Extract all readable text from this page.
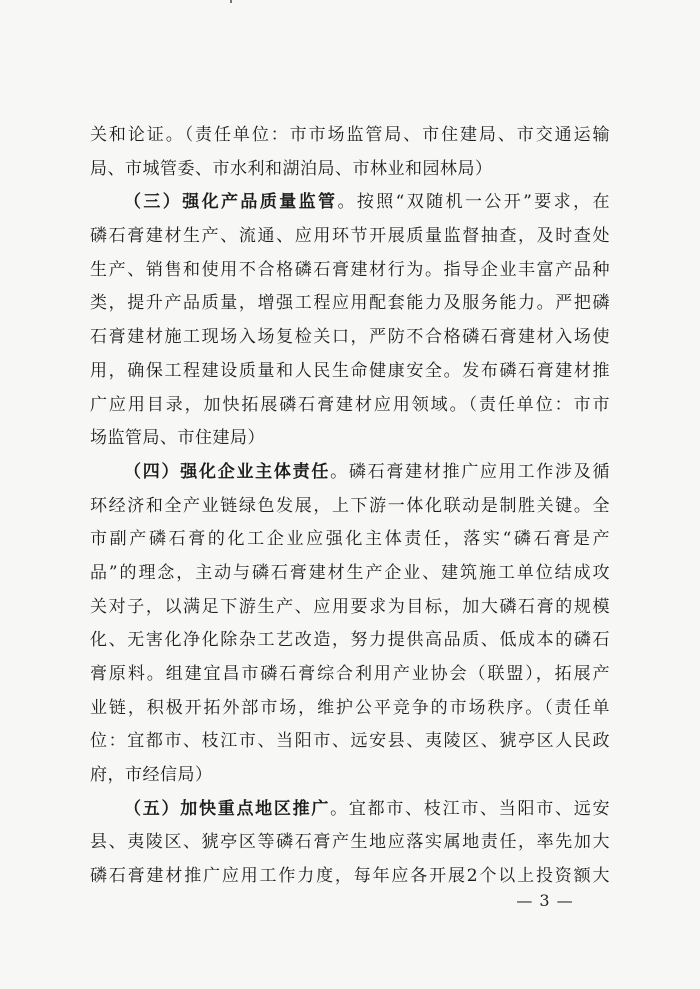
关和论证。（责任单位：市市场监管局、市住建局、市交通运输
局、市城管委、市水利和湖泊局、市林业和园林局）
（三）强化产品质量监管。按照“双随机一公开”要求，在
磷石膏建材生产、流通、应用环节开展质量监督抽查，及时查处
生产、销售和使用不合格磷石膏建材行为。指导企业丰富产品种
类，提升产品质量，增强工程应用配套能力及服务能力。严把磷
石膏建材施工现场入场复检关口，严防不合格磷石膏建材入场使
用，确保工程建设质量和人民生命健康安全。发布磷石膏建材推
广应用目录，加快拓展磷石膏建材应用领域。（责任单位：市市
场监管局、市住建局）
（四）强化企业主体责任。磷石膏建材推广应用工作涉及循
环经济和全产业链绿色发展，上下游一体化联动是制胜关键。全
市副产磷石膏的化工企业应强化主体责任，落实“磷石膏是产
品”的理念，主动与磷石膏建材生产企业、建筑施工单位结成攻
关对子，以满足下游生产、应用要求为目标，加大磷石膏的规模
化、无害化净化除杂工艺改造，努力提供高品质、低成本的磷石
膏原料。组建宜昌市磷石膏综合利用产业协会（联盟），拓展产
业链，积极开拓外部市场，维护公平竞争的市场秩序。（责任单
位：宜都市、枝江市、当阳市、远安县、夷陵区、猇亭区人民政
府，市经信局）
（五）加快重点地区推广。宜都市、枝江市、当阳市、远安
县、夷陵区、猇亭区等磷石膏产生地应落实属地责任，率先加大
磷石膏建材推广应用工作力度，每年应各开展2个以上投资额大
— 3 —
